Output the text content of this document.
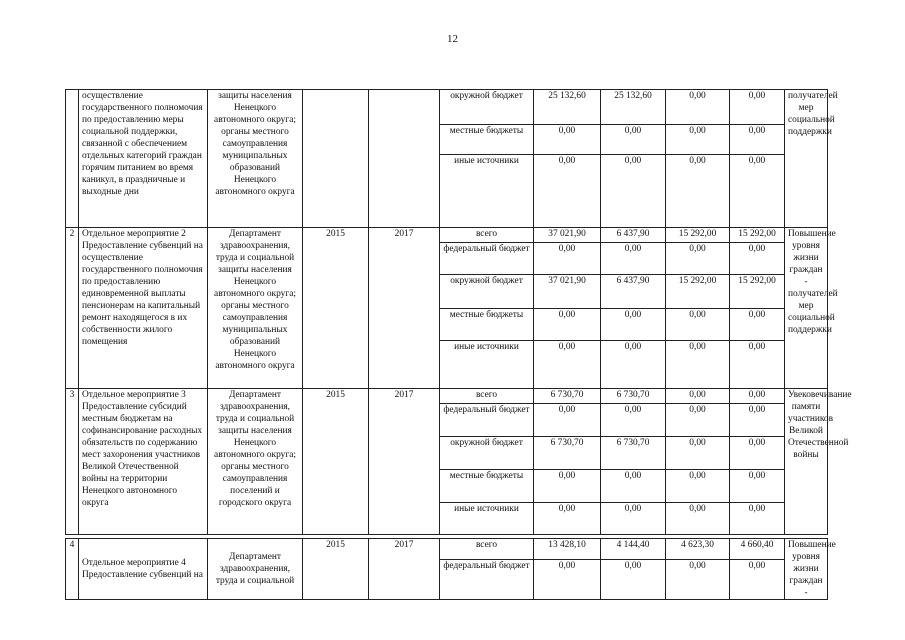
12
	осуществление государственного полномочия по предоставлению меры социальной поддержки, связанной с обеспечением отдельных категорий граждан горячим питанием во время каникул, в праздничные и выходные дни	защиты населения Ненецкого автономного округа; органы местного самоуправления муниципальных образований Ненецкого автономного округа			окружной бюджет	25 132,60	25 132,60	0,00	0,00	получателей мер социальной поддержки
					местные бюджеты	0,00	0,00	0,00	0,00	
					иные источники	0,00	0,00	0,00	0,00	
2	Отдельное мероприятие 2 Предоставление субвенций на осуществление государственного полномочия по предоставлению единовременной выплаты пенсионерам на капитальный ремонт находящегося в их собственности жилого помещения	Департамент здравоохранения, труда и социальной защиты населения Ненецкого автономного округа; органы местного самоуправления муниципальных образований Ненецкого автономного округа	2015	2017	всего	37 021,90	6 437,90	15 292,00	15 292,00	Повышение уровня жизни граждан - получателей мер социальной поддержки
					федеральный бюджет	0,00	0,00	0,00	0,00	
					окружной бюджет	37 021,90	6 437,90	15 292,00	15 292,00	
					местные бюджеты	0,00	0,00	0,00	0,00	
					иные источники	0,00	0,00	0,00	0,00	
3	Отдельное мероприятие 3 Предоставление субсидий местным бюджетам на софинансирование расходных обязательств по содержанию мест захоронения участников Великой Отечественной войны на территории Ненецкого автономного округа	Департамент здравоохранения, труда и социальной защиты населения Ненецкого автономного округа; органы местного самоуправления поселений и городского округа	2015	2017	всего	6 730,70	6 730,70	0,00	0,00	Увековечивание памяти участников Великой Отечественной войны
					федеральный бюджет	0,00	0,00	0,00	0,00	
					окружной бюджет	6 730,70	6 730,70	0,00	0,00	
					местные бюджеты	0,00	0,00	0,00	0,00	
					иные источники	0,00	0,00	0,00	0,00	

4	Отдельное мероприятие 4 Предоставление субвенций на	Департамент здравоохранения, труда и социальной	2015	2017	всего	13 428,10	4 144,40	4 623,30	4 660,40	Повышение уровня жизни граждан -
					федеральный бюджет	0,00	0,00	0,00	0,00	
